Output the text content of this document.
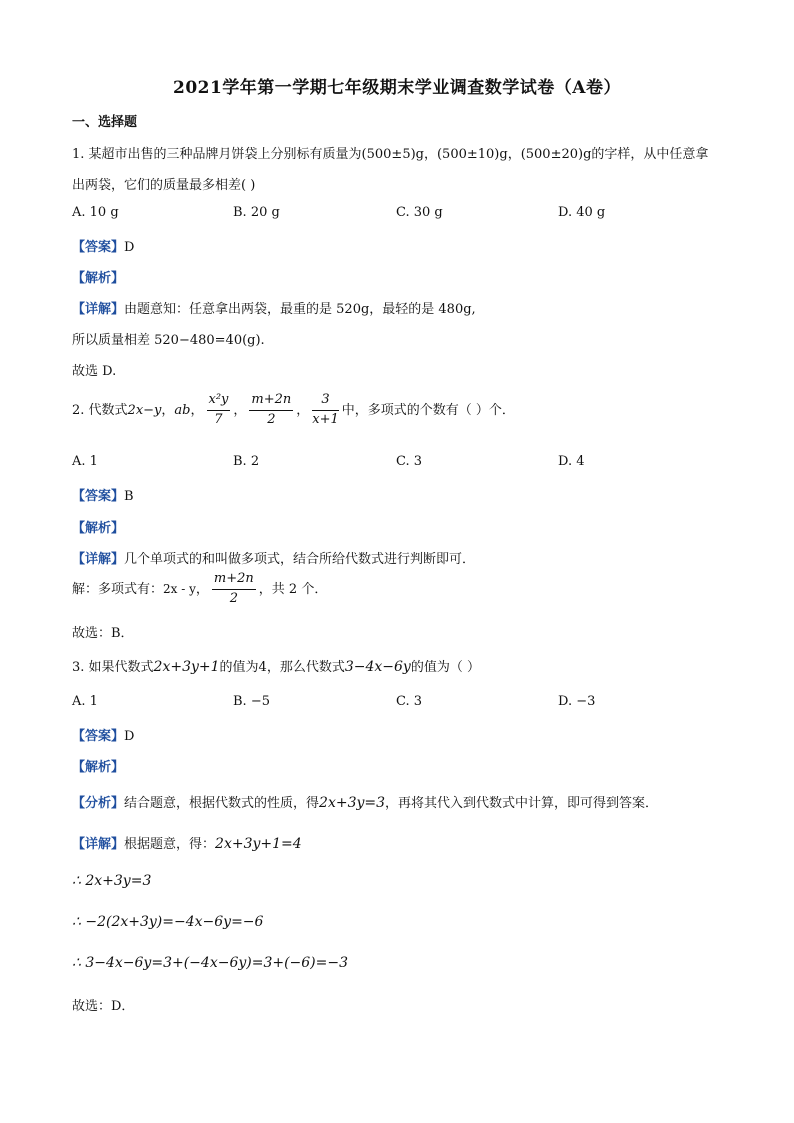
2021学年第一学期七年级期末学业调查数学试卷（A卷）
一、选择题
1. 某超市出售的三种品牌月饼袋上分别标有质量为(500±5)g，(500±10)g，(500±20)g的字样，从中任意拿
出两袋，它们的质量最多相差( )
A. 10 g	B. 20 g	C. 30 g	D. 40 g
【答案】D
【解析】
【详解】由题意知：任意拿出两袋，最重的是 520g，最轻的是 480g,
所以质量相差 520−480=40(g).
故选 D.
2. 代数式2x−y，ab， $\frac{\text{x²y}}{7}$ ， $\frac{m+2n}{2}$ ， $\frac{3}{x+1}$ 中，多项式的个数有（ ）个．
A. 1	B. 2	C. 3	D. 4
【答案】B
【解析】
【详解】几个单项式的和叫做多项式，结合所给代数式进行判断即可．
解：多项式有：2x - y， $\frac{m+2n}{2}$ ，共 2 个．
故选：B．
3. 如果代数式2x+3y+1的值为4，那么代数式3−4x−6y的值为（ ）
A. 1	B. −5	C. 3	D. −3
【答案】D
【解析】
【分析】结合题意，根据代数式的性质，得2x+3y=3，再将其代入到代数式中计算，即可得到答案．
【详解】根据题意，得：2x+3y+1=4
∴ 2x+3y=3
∴ −2(2x+3y)=−4x−6y=−6
∴ 3−4x−6y=3+(−4x−6y)=3+(−6)=−3
故选：D．
